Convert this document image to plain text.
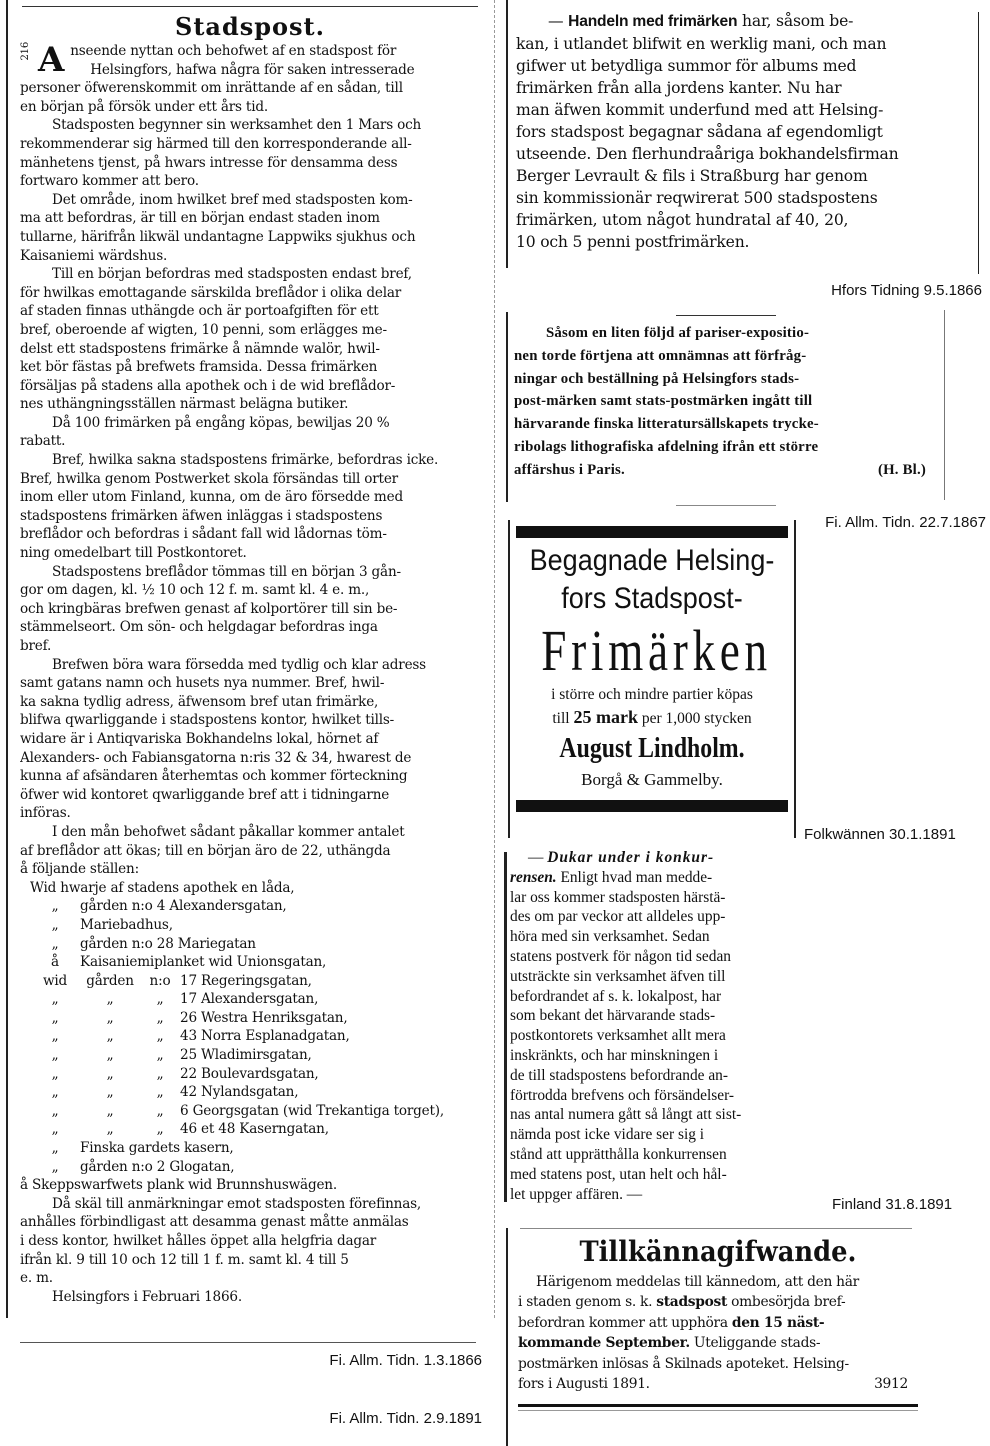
Stadspost.
216 A nseende nyttan och behofwet af en stadspost för
Helsingfors, hafwa några för saken intresserade
personer öfwerenskommit om inrättande af en sådan, till
en början på försök under ett års tid.
Stadsposten begynner sin werksamhet den 1 Mars och
rekommenderar sig härmed till den korresponderande all-
mänhetens tjenst, på hwars intresse för densamma dess
fortwaro kommer att bero.
Det område, inom hwilket bref med stadsposten kom-
ma att befordras, är till en början endast staden inom
tullarne, härifrån likwäl undantagne Lappwiks sjukhus och
Kaisaniemi wärdshus.
Till en början befordras med stadsposten endast bref,
för hwilkas emottagande särskilda breflådor i olika delar
af staden finnas uthängde och är portoafgiften för ett
bref, oberoende af wigten, 10 penni, som erlägges me-
delst ett stadspostens frimärke å nämnde walör, hwil-
ket bör fästas på brefwets framsida. Dessa frimärken
försäljas på stadens alla apothek och i de wid breflådor-
nes uthängningsställen närmast belägna butiker.
Då 100 frimärken på engång köpas, bewiljas 20 %
rabatt.
Bref, hwilka sakna stadspostens frimärke, befordras icke.
Bref, hwilka genom Postwerket skola försändas till orter
inom eller utom Finland, kunna, om de äro försedde med
stadspostens frimärken äfwen inläggas i stadspostens
breflådor och befordras i sådant fall wid lådornas töm-
ning omedelbart till Postkontoret.
Stadspostens breflådor tömmas till en början 3 gån-
gor om dagen, kl. ½ 10 och 12 f. m. samt kl. 4 e. m.,
och kringbäras brefwen genast af kolportörer till sin be-
stämmelseort. Om sön- och helgdagar befordras inga
bref.
Brefwen böra wara försedda med tydlig och klar adress
samt gatans namn och husets nya nummer. Bref, hwil-
ka sakna tydlig adress, äfwensom bref utan frimärke,
blifwa qwarliggande i stadspostens kontor, hwilket tills-
widare är i Antiqvariska Bokhandelns lokal, hörnet af
Alexanders- och Fabiansgatorna n:ris 32 & 34, hwarest de
kunna af afsändaren återhemtas och kommer förteckning
öfwer wid kontoret qwarliggande bref att i tidningarne
införas.
I den mån behofwet sådant påkallar kommer antalet
af breflådor att ökas; till en början äro de 22, uthängda
å följande ställen:
Wid hwarje af stadens apothek en låda,
„	gården n:o 4 Alexandersgatan,
„	Mariebadhus,
„	gården n:o 28 Mariegatan
å	Kaisaniemiplanket wid Unionsgatan,
wid	gården	n:o 17 Regeringsgatan,
„	„	„	17 Alexandersgatan,
„	„	„	26 Westra Henriksgatan,
„	„	„	43 Norra Esplanadgatan,
„	„	„	25 Wladimirsgatan,
„	„	„	22 Boulevardsgatan,
„	„	„	42 Nylandsgatan,
„	„	„	6 Georgsgatan (wid Trekantiga torget),
„	„	„	46 et 48 Kaserngatan,
„	Finska gardets kasern,
„	gården n:o 2 Glogatan,
å Skeppswarfwets plank wid Brunnshuswägen.
Då skäl till anmärkningar emot stadsposten förefinnas,
anhålles förbindligast att desamma genast måtte anmälas
i dess kontor, hwilket hålles öppet alla helgfria dagar
ifrån kl. 9 till 10 och 12 till 1 f. m. samt kl. 4 till 5
e. m.
Helsingfors i Februari 1866.
Fi. Allm. Tidn. 1.3.1866
Fi. Allm. Tidn. 2.9.1891
— Handeln med frimärken har, såsom be-
kan, i utlandet blifwit en werklig mani, och man
gifwer ut betydliga summor för albums med
frimärken från alla jordens kanter. Nu har
man äfwen kommit underfund med att Helsing-
fors stadspost begagnar sådana af egendomligt
utseende. Den flerhundraåriga bokhandelsfirman
Berger Levrault & fils i Straßburg har genom
sin kommissionär reqwirerat 500 stadspostens
frimärken, utom något hundratal af 40, 20,
10 och 5 penni postfrimärken.
Hfors Tidning 9.5.1866
Såsom en liten följd af pariser-expositio-
nen torde förtjena att omnämnas att förfråg-
ningar och beställning på Helsingfors stads-
post-märken samt stats-postmärken ingått till
härvarande finska litteratursällskapets trycke-
ribolags lithografiska afdelning ifrån ett större
affärshus i Paris.	(H. Bl.)
Fi. Allm. Tidn. 22.7.1867
Begagnade Helsing-
fors Stadspost-
Frimärken
i större och mindre partier köpas
till 25 mark per 1,000 stycken
August Lindholm.
Borgå & Gammelby.
Folkwännen 30.1.1891
— Dukar under i konkur-
rensen. Enligt hvad man medde-
lar oss kommer stadsposten härstä-
des om par veckor att alldeles upp-
höra med sin verksamhet. Sedan
statens postverk för någon tid sedan
utsträckte sin verksamhet äfven till
befordrandet af s. k. lokalpost, har
som bekant det härvarande stads-
postkontorets verksamhet allt mera
inskränkts, och har minskningen i
de till stadspostens befordrande an-
förtrodda brefvens och försändelser-
nas antal numera gått så långt att sist-
nämda post icke vidare ser sig i
stånd att upprätthålla konkurrensen
med statens post, utan helt och hål-
let uppger affären. —
Finland 31.8.1891
Tillkännagifwande.
Härigenom meddelas till kännedom, att den här
i staden genom s. k. stadspost ombesörjda bref-
befordran kommer att upphöra den 15 näst-
kommande September. Uteliggande stads-
postmärken inlösas å Skilnads apoteket. Helsing-
fors i Augusti 1891.	3912
